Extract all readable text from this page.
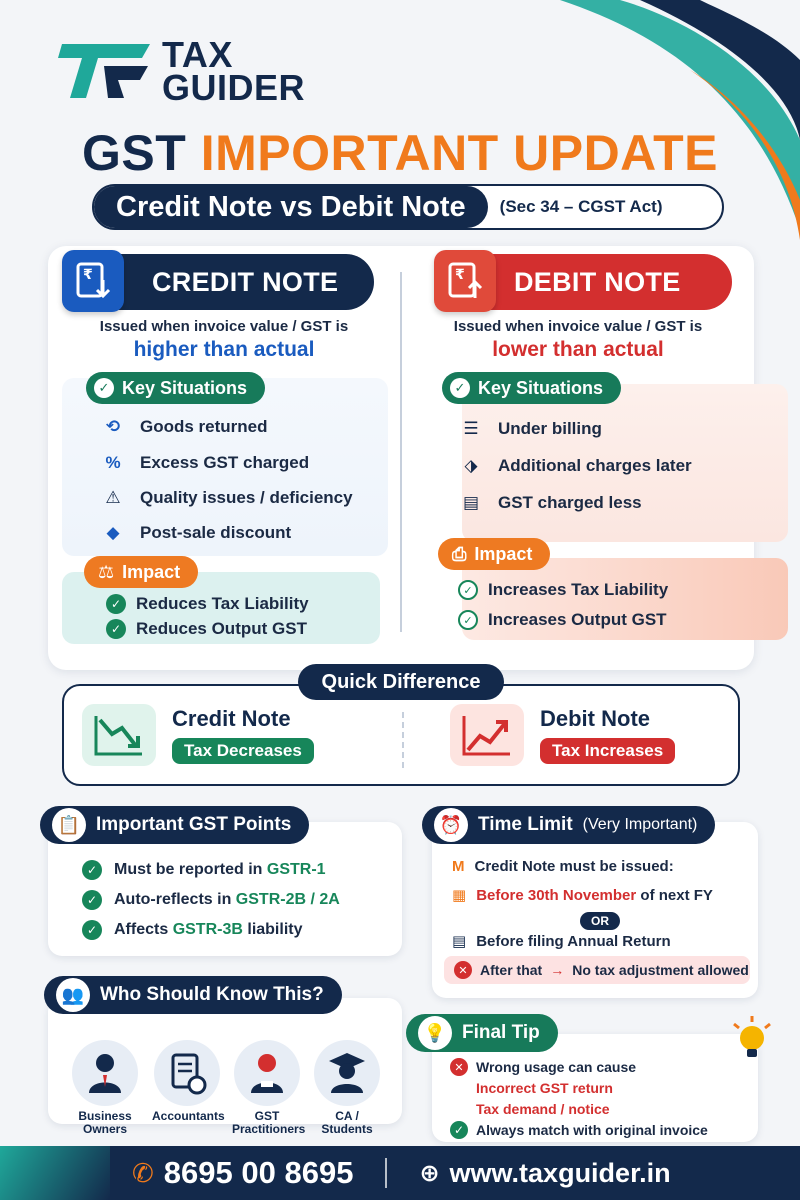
TAX
GUIDER
GST IMPORTANT UPDATE
Credit Note vs Debit Note	(Sec 34 – CGST Act)
CREDIT NOTE
₹
Issued when invoice value / GST is
higher than actual
✓ Key Situations
⟲	Goods returned
%	Excess GST charged
⚠	Quality issues / deficiency
◆	Post-sale discount
⚖ Impact
✓ Reduces Tax Liability
✓ Reduces Output GST
DEBIT NOTE
₹
Issued when invoice value / GST is
lower than actual
✓ Key Situations
☰	Under billing
⬗	Additional charges later
▤ GST charged less
⎙ Impact
✓ Increases Tax Liability
✓ Increases Output GST
Credit Note
Tax Decreases
Debit Note
Tax Increases
Quick Difference
✓	Must be reported in GSTR-1
✓	Auto-reflects in GSTR-2B / 2A
✓	Affects GSTR-3B liability
📋 Important GST Points
M Credit Note must be issued:
▦ Before 30th November of next FY
OR
▤ Before filing Annual Return
✕ After that → No tax adjustment allowed
⏰ Time Limit (Very Important)
Business Owners
Accountants	GST Practitioners
CA / Students
👥 Who Should Know This?
✕ Wrong usage can cause
Incorrect GST return
Tax demand / notice
✓ Always match with original invoice
💡 Final Tip
✆ 8695 00 8695	⊕ www.taxguider.in
